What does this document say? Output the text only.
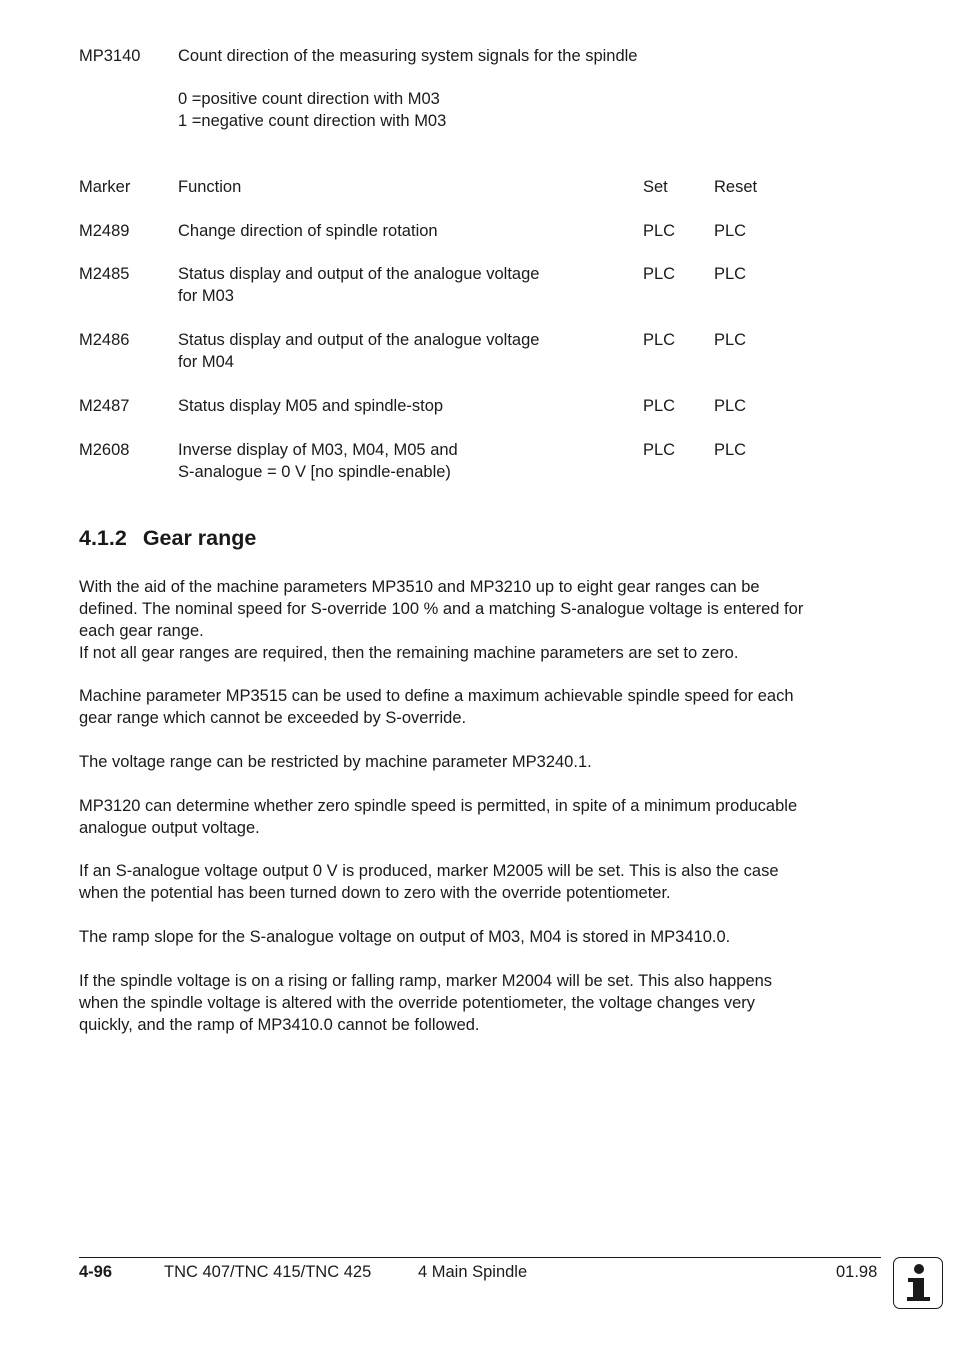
MP3140 Count direction of the measuring system signals for the spindle
0 =positive count direction with M03
1 =negative count direction with M03
Marker	Function	Set	Reset
M2489	Change direction of spindle rotation	PLC PLC
M2485	Status display and output of the analogue voltage
for M03
PLC PLC
M2486	Status display and output of the analogue voltage
for M04
PLC PLC
M2487	Status display M05 and spindle-stop	PLC PLC
M2608	Inverse display of M03, M04, M05 and
S-analogue = 0 V [no spindle-enable)
PLC PLC
4.1.2 Gear range
With the aid of the machine parameters MP3510 and MP3210 up to eight gear ranges can be
defined. The nominal speed for S-override 100 % and a matching S-analogue voltage is entered for
each gear range.
If not all gear ranges are required, then the remaining machine parameters are set to zero.
Machine parameter MP3515 can be used to define a maximum achievable spindle speed for each
gear range which cannot be exceeded by S-override.
The voltage range can be restricted by machine parameter MP3240.1.
MP3120 can determine whether zero spindle speed is permitted, in spite of a minimum producable
analogue output voltage.
If an S-analogue voltage output 0 V is produced, marker M2005 will be set. This is also the case
when the potential has been turned down to zero with the override potentiometer.
The ramp slope for the S-analogue voltage on output of M03, M04 is stored in MP3410.0.
If the spindle voltage is on a rising or falling ramp, marker M2004 will be set. This also happens
when the spindle voltage is altered with the override potentiometer, the voltage changes very
quickly, and the ramp of MP3410.0 cannot be followed.
4-96	TNC 407/TNC 415/TNC 425	4 Main Spindle	01.98
